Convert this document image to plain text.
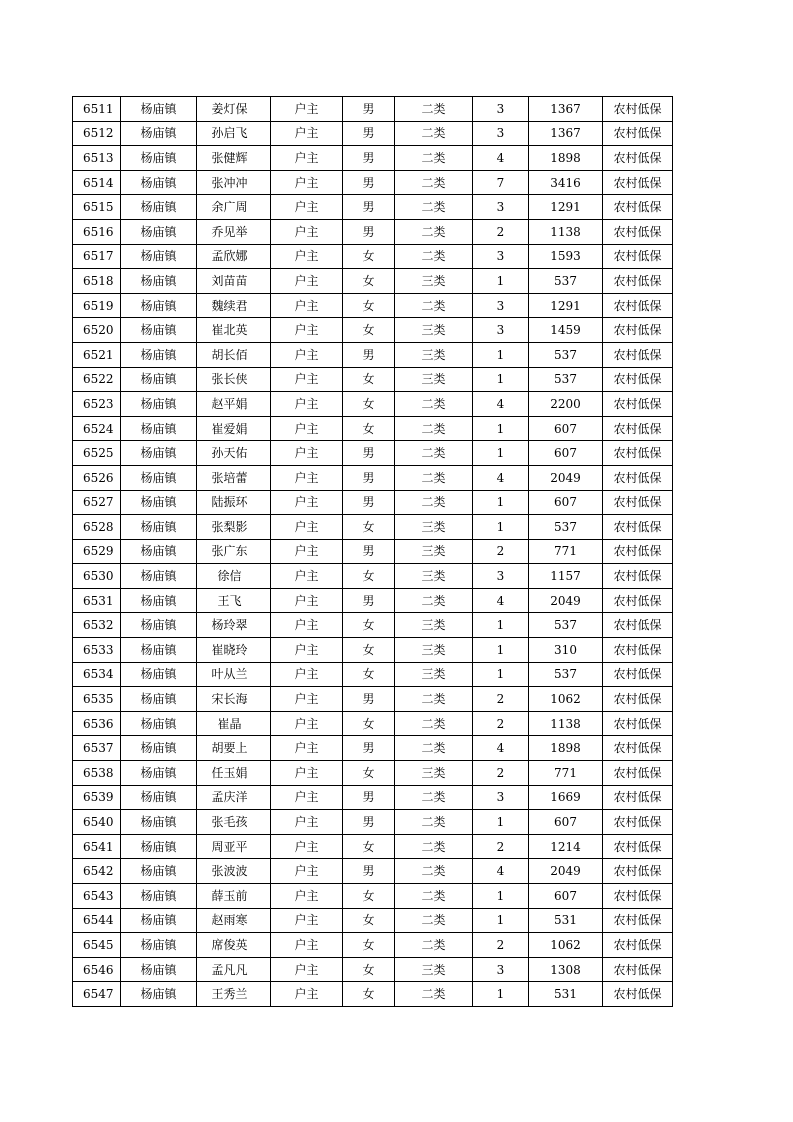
6511	杨庙镇	姜灯保	户主	男	二类	3	1367	农村低保
6512	杨庙镇	孙启飞	户主	男	二类	3	1367	农村低保
6513	杨庙镇	张健辉	户主	男	二类	4	1898	农村低保
6514	杨庙镇	张冲冲	户主	男	二类	7	3416	农村低保
6515	杨庙镇	余广周	户主	男	二类	3	1291	农村低保
6516	杨庙镇	乔见举	户主	男	二类	2	1138	农村低保
6517	杨庙镇	孟欣娜	户主	女	二类	3	1593	农村低保
6518	杨庙镇	刘苗苗	户主	女	三类	1	537	农村低保
6519	杨庙镇	魏续君	户主	女	二类	3	1291	农村低保
6520	杨庙镇	崔北英	户主	女	三类	3	1459	农村低保
6521	杨庙镇	胡长佰	户主	男	三类	1	537	农村低保
6522	杨庙镇	张长侠	户主	女	三类	1	537	农村低保
6523	杨庙镇	赵平娟	户主	女	二类	4	2200	农村低保
6524	杨庙镇	崔爱娟	户主	女	二类	1	607	农村低保
6525	杨庙镇	孙天佑	户主	男	二类	1	607	农村低保
6526	杨庙镇	张培蕾	户主	男	二类	4	2049	农村低保
6527	杨庙镇	陆振环	户主	男	二类	1	607	农村低保
6528	杨庙镇	张梨影	户主	女	三类	1	537	农村低保
6529	杨庙镇	张广东	户主	男	三类	2	771	农村低保
6530	杨庙镇	徐信	户主	女	三类	3	1157	农村低保
6531	杨庙镇	王飞	户主	男	二类	4	2049	农村低保
6532	杨庙镇	杨玲翠	户主	女	三类	1	537	农村低保
6533	杨庙镇	崔晓玲	户主	女	三类	1	310	农村低保
6534	杨庙镇	叶从兰	户主	女	三类	1	537	农村低保
6535	杨庙镇	宋长海	户主	男	二类	2	1062	农村低保
6536	杨庙镇	崔晶	户主	女	二类	2	1138	农村低保
6537	杨庙镇	胡要上	户主	男	二类	4	1898	农村低保
6538	杨庙镇	任玉娟	户主	女	三类	2	771	农村低保
6539	杨庙镇	孟庆洋	户主	男	二类	3	1669	农村低保
6540	杨庙镇	张毛孩	户主	男	二类	1	607	农村低保
6541	杨庙镇	周亚平	户主	女	二类	2	1214	农村低保
6542	杨庙镇	张波波	户主	男	二类	4	2049	农村低保
6543	杨庙镇	薛玉前	户主	女	二类	1	607	农村低保
6544	杨庙镇	赵雨寒	户主	女	二类	1	531	农村低保
6545	杨庙镇	席俊英	户主	女	二类	2	1062	农村低保
6546	杨庙镇	孟凡凡	户主	女	三类	3	1308	农村低保
6547	杨庙镇	王秀兰	户主	女	二类	1	531	农村低保
